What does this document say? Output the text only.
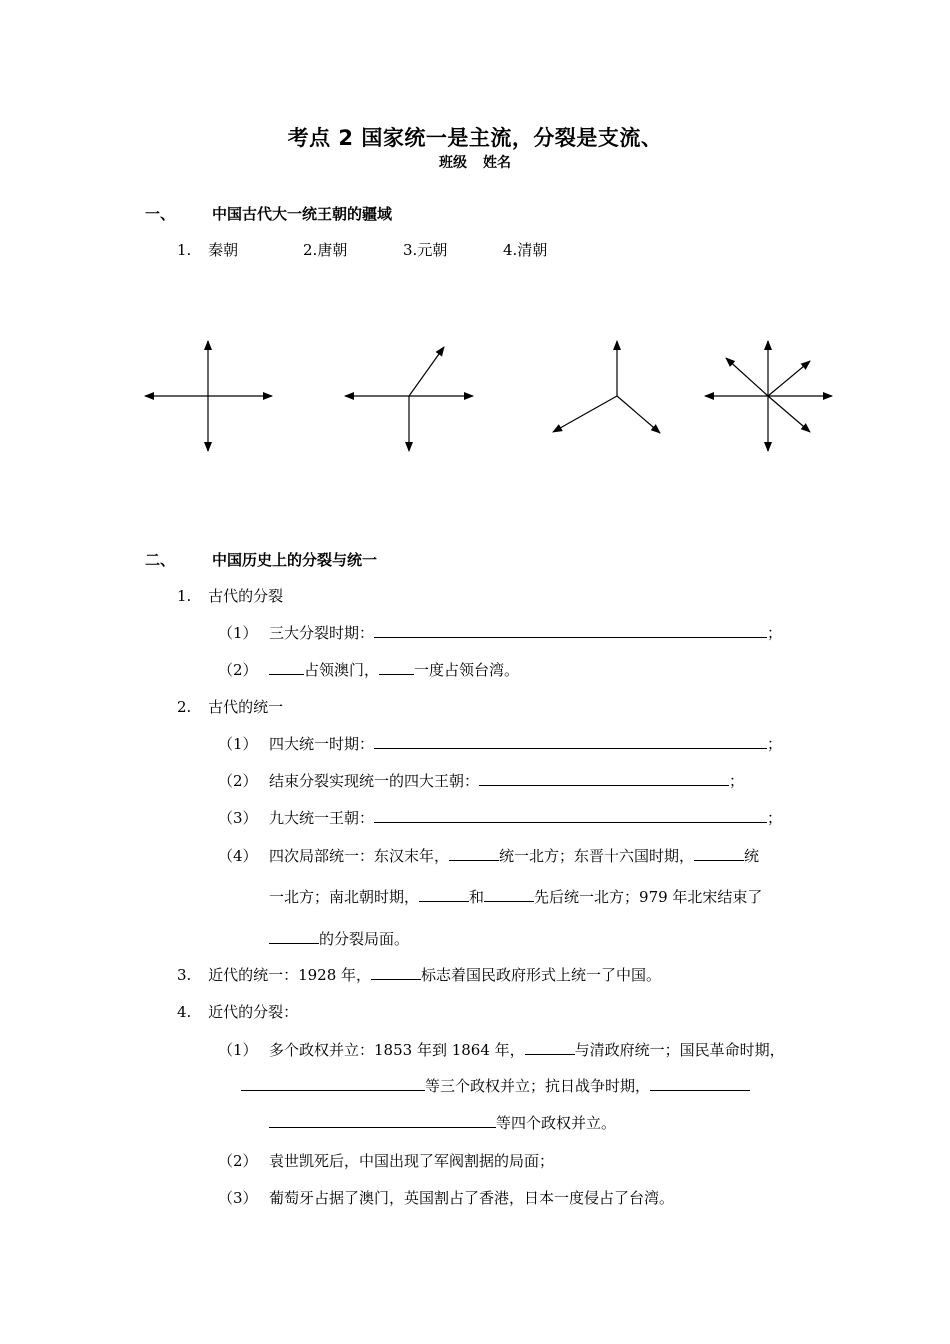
考点 2 国家统一是主流，分裂是支流、
班级 姓名
一、 中国古代大一统王朝的疆域
1. 秦朝	2.唐朝	3.元朝	4.清朝
二、 中国历史上的分裂与统一
1. 古代的分裂
（1） 三大分裂时期：	；
（2）	占领澳门， 一度占领台湾。
2. 古代的统一
（1） 四大统一时期：	；
（2） 结束分裂实现统一的四大王朝：	；
（3） 九大统一王朝：	；
（4） 四次局部统一：东汉末年，	统一北方；东晋十六国时期，	统
一北方；南北朝时期，	和	先后统一北方；979 年北宋结束了
的分裂局面。
3. 近代的统一：1928 年，	标志着国民政府形式上统一了中国。
4. 近代的分裂：
（1） 多个政权并立：1853 年到 1864 年，	与清政府统一；国民革命时期，
等三个政权并立；抗日战争时期，
等四个政权并立。
（2） 袁世凯死后，中国出现了军阀割据的局面；
（3） 葡萄牙占据了澳门，英国割占了香港，日本一度侵占了台湾。
